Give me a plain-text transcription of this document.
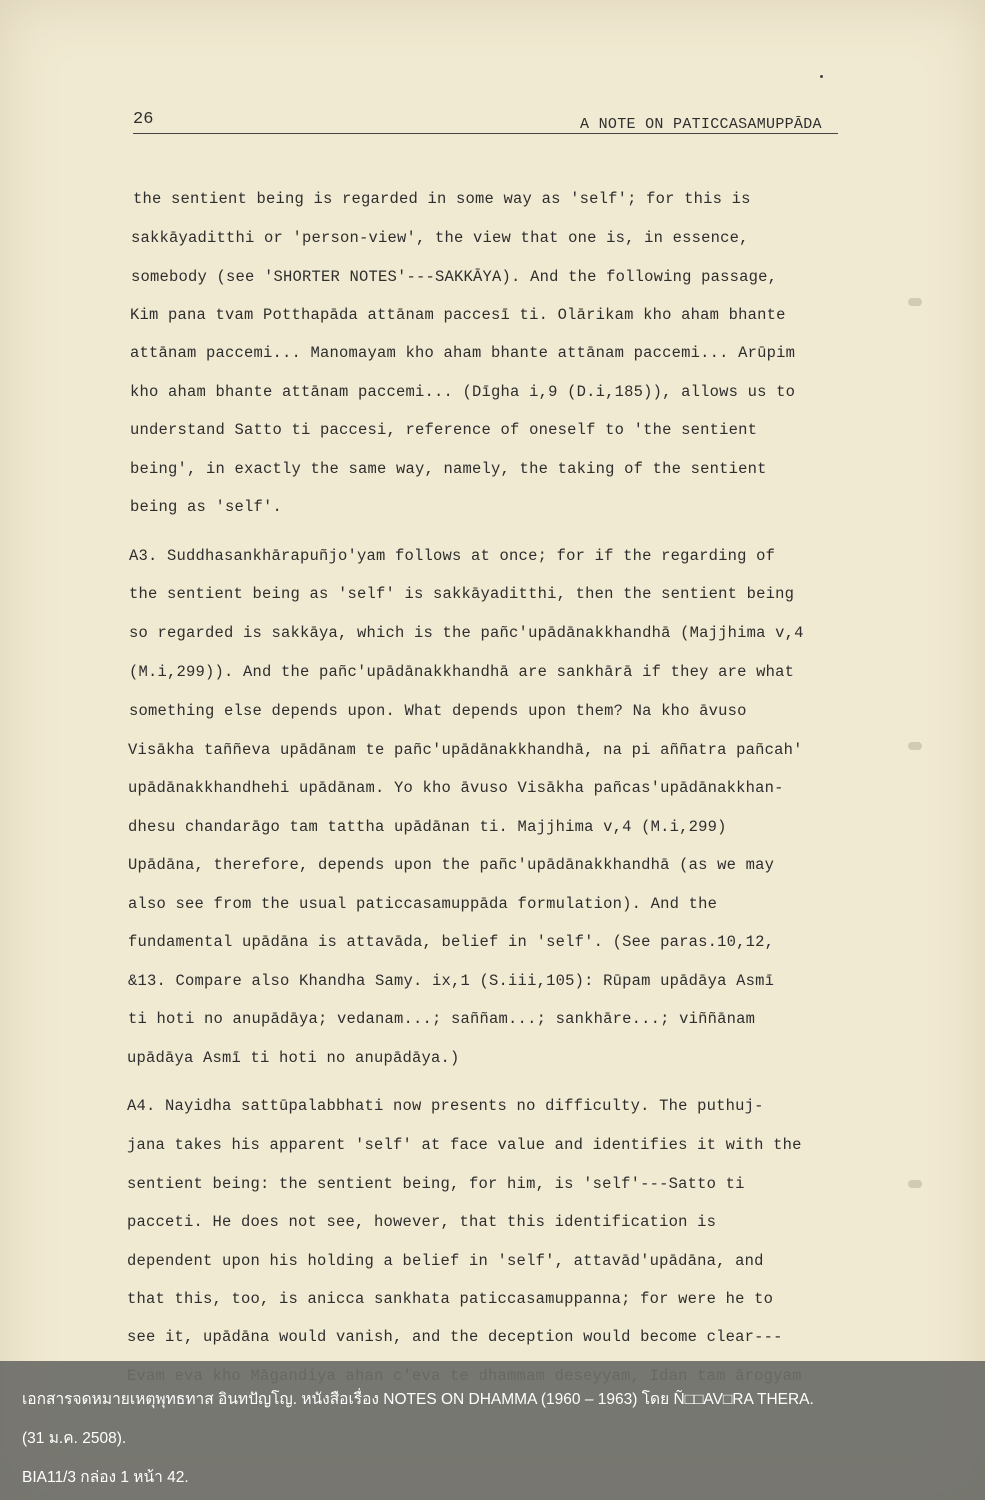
26	A NOTE ON PATICCASAMUPPĀDA
the sentient being is regarded in some way as 'self'; for this is
sakkāyaditthi or 'person-view', the view that one is, in essence,
somebody (see 'SHORTER NOTES'---SAKKĀYA). And the following passage,
Kim pana tvam Potthapāda attānam paccesī ti. Olārikam kho aham bhante
attānam paccemi... Manomayam kho aham bhante attānam paccemi... Arūpim
kho aham bhante attānam paccemi... (Dīgha i,9 (D.i,185)), allows us to
understand Satto ti paccesi, reference of oneself to 'the sentient
being', in exactly the same way, namely, the taking of the sentient
being as 'self'.
A3. Suddhasankhārapuñjo'yam follows at once; for if the regarding of
the sentient being as 'self' is sakkāyaditthi, then the sentient being
so regarded is sakkāya, which is the pañc'upādānakkhandhā (Majjhima v,4
(M.i,299)). And the pañc'upādānakkhandhā are sankhārā if they are what
something else depends upon. What depends upon them? Na kho āvuso
Visākha taññeva upādānam te pañc'upādānakkhandhā, na pi aññatra pañcah'
upādānakkhandhehi upādānam. Yo kho āvuso Visākha pañcas'upādānakkhan-
dhesu chandarāgo tam tattha upādānan ti. Majjhima v,4 (M.i,299)
Upādāna, therefore, depends upon the pañc'upādānakkhandhā (as we may
also see from the usual paticcasamuppāda formulation). And the
fundamental upādāna is attavāda, belief in 'self'. (See paras.10,12,
&13. Compare also Khandha Samy. ix,1 (S.iii,105): Rūpam upādāya Asmī
ti hoti no anupādāya; vedanam...; saññam...; sankhāre...; viññānam
upādāya Asmī ti hoti no anupādāya.)
A4. Nayidha sattūpalabbhati now presents no difficulty. The puthuj-
jana takes his apparent 'self' at face value and identifies it with the
sentient being: the sentient being, for him, is 'self'---Satto ti
pacceti. He does not see, however, that this identification is
dependent upon his holding a belief in 'self', attavād'upādāna, and
that this, too, is anicca sankhata paticcasamuppanna; for were he to
see it, upādāna would vanish, and the deception would become clear---
เอกสารจดหมายเหตุพุทธทาส อินทปัญโญ. หนังสือเรื่อง NOTES ON DHAMMA (1960 – 1963) โดย Ñ□□AV□RA THERA.
(31 ม.ค. 2508).
BIA11/3 กล่อง 1 หน้า 42.
